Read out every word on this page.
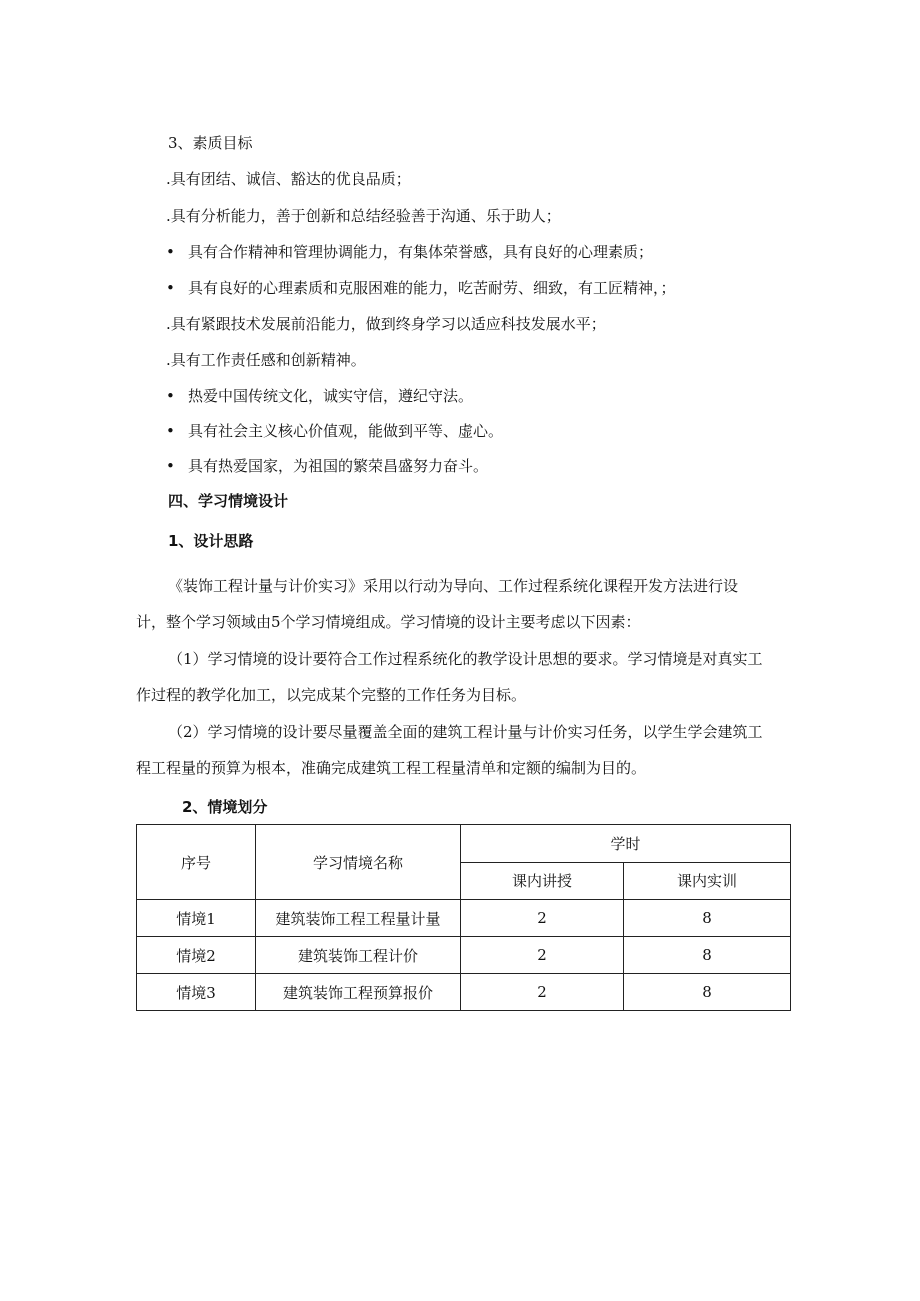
3、素质目标
.具有团结、诚信、豁达的优良品质；
.具有分析能力，善于创新和总结经验善于沟通、乐于助人；
• 具有合作精神和管理协调能力，有集体荣誉感，具有良好的心理素质；
• 具有良好的心理素质和克服困难的能力，吃苦耐劳、细致，有工匠精神，；
.具有紧跟技术发展前沿能力，做到终身学习以适应科技发展水平；
.具有工作责任感和创新精神。
• 热爱中国传统文化，诚实守信，遵纪守法。
• 具有社会主义核心价值观，能做到平等、虚心。
• 具有热爱国家，为祖国的繁荣昌盛努力奋斗。
四、学习情境设计
1、设计思路
《装饰工程计量与计价实习》采用以行动为导向、工作过程系统化课程开发方法进行设
计，整个学习领域由5个学习情境组成。学习情境的设计主要考虑以下因素：
（1）学习情境的设计要符合工作过程系统化的教学设计思想的要求。学习情境是对真实工
作过程的教学化加工，以完成某个完整的工作任务为目标。
（2）学习情境的设计要尽量覆盖全面的建筑工程计量与计价实习任务，以学生学会建筑工
程工程量的预算为根本，准确完成建筑工程工程量清单和定额的编制为目的。
2、情境划分
序号	学习情境名称	学时	
		课内讲授	课内实训
情境1	建筑装饰工程工程量计量	2	8
情境2	建筑装饰工程计价	2	8
情境3	建筑装饰工程预算报价	2	8
